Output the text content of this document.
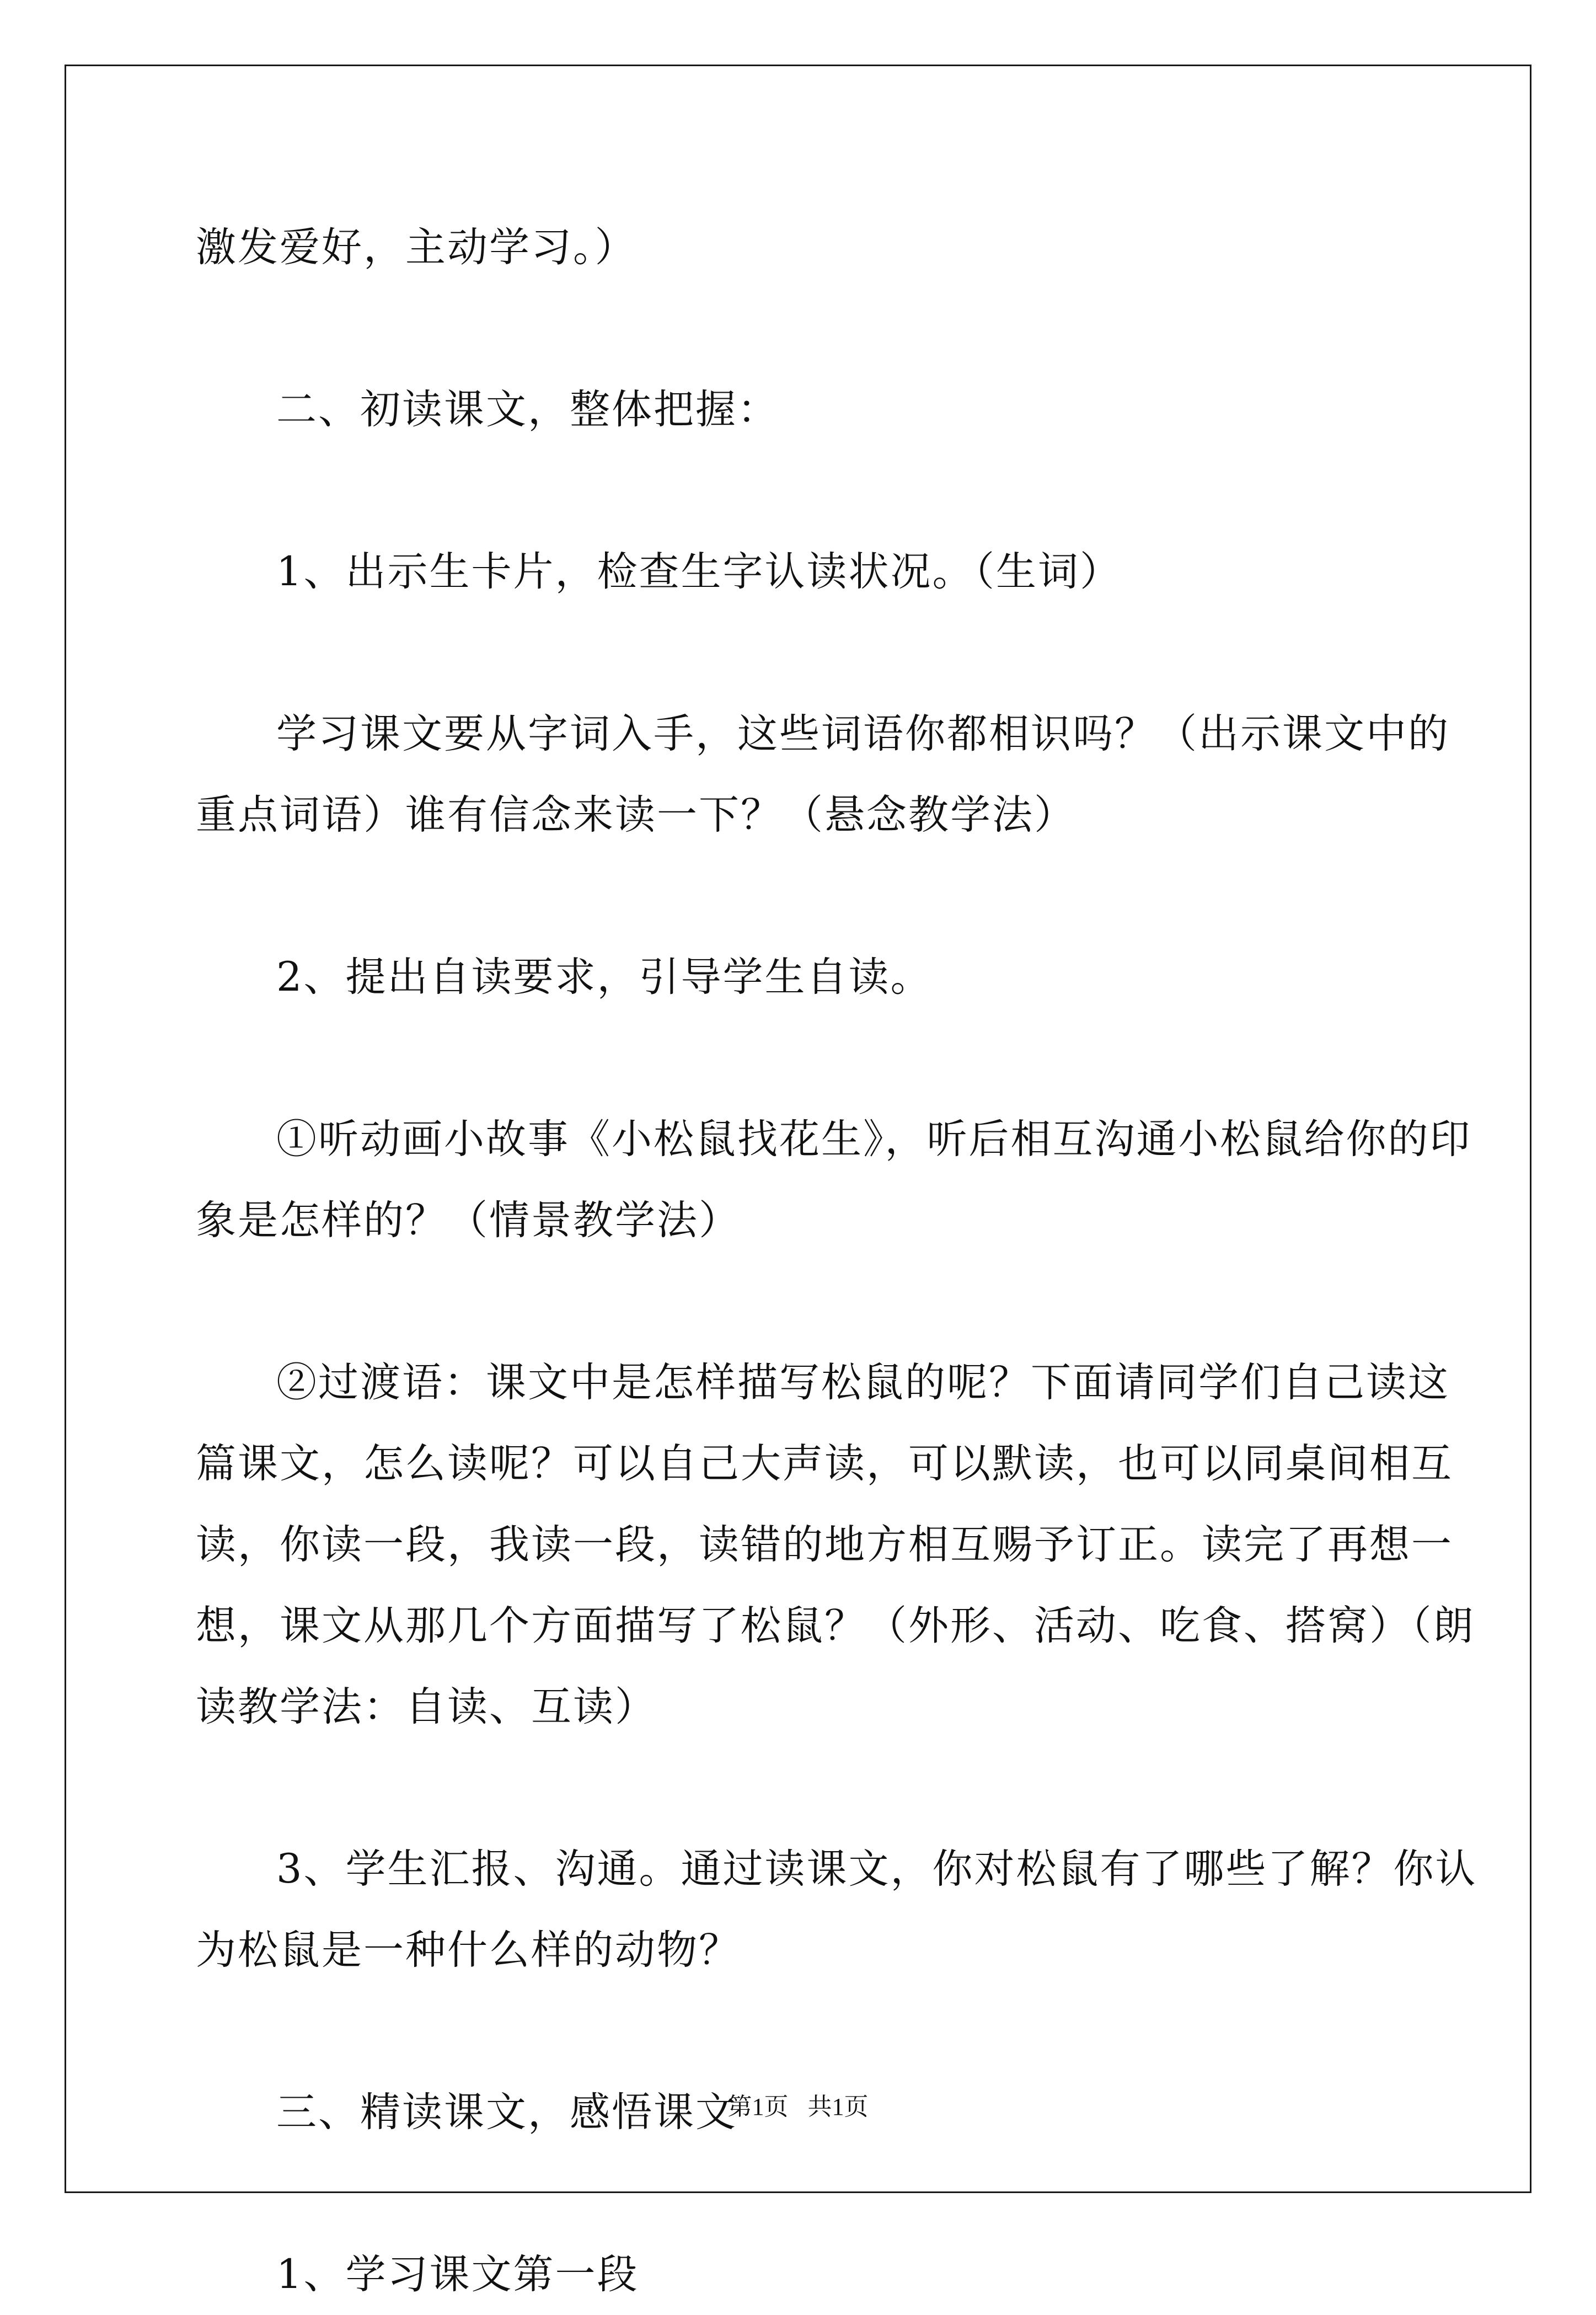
激发爱好，主动学习。）
二、初读课文，整体把握：
1、出示生卡片，检查生字认读状况。（生词）
学习课文要从字词入手，这些词语你都相识吗？（出示课文中的
重点词语）谁有信念来读一下？（悬念教学法）
2、提出自读要求，引导学生自读。
①听动画小故事《小松鼠找花生》，听后相互沟通小松鼠给你的印
象是怎样的？（情景教学法）
②过渡语：课文中是怎样描写松鼠的呢？下面请同学们自己读这
篇课文，怎么读呢？可以自己大声读，可以默读，也可以同桌间相互
读，你读一段，我读一段，读错的地方相互赐予订正。读完了再想一
想，课文从那几个方面描写了松鼠？（外形、活动、吃食、搭窝）（朗
读教学法：自读、互读）
3、学生汇报、沟通。通过读课文，你对松鼠有了哪些了解？你认
为松鼠是一种什么样的动物？
三、精读课文，感悟课文
1、学习课文第一段
第1页 共1页
